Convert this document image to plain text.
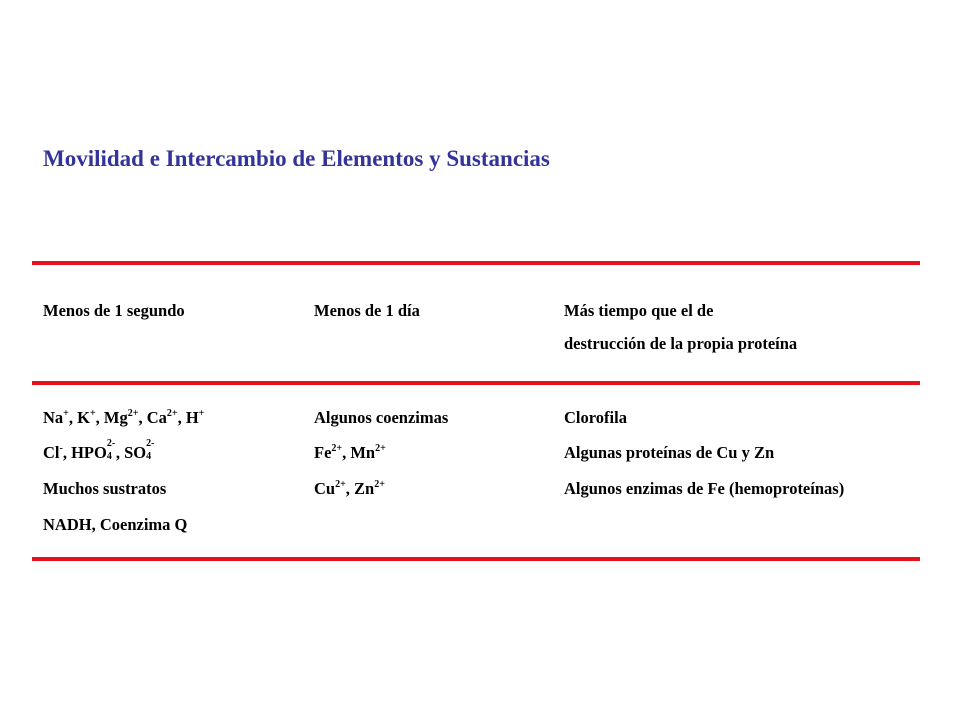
Movilidad e Intercambio de Elementos y Sustancias
Menos de 1 segundo	Menos de 1 día	Más tiempo que el de
destrucción de la propia proteína
Na+, K+, $Mg^{2+}$, $Ca^{2+}$, H+
Cl-, HPO 2-
4 , SO 2-
4
Muchos sustratos
NADH, Coenzima Q
Algunos coenzimas
$Fe^{2+}$, $Mn^{2+}$
$Cu^{2+}$, $Zn^{2+}$
Clorofila
Algunas proteínas de Cu y Zn
Algunos enzimas de Fe (hemoproteínas)
